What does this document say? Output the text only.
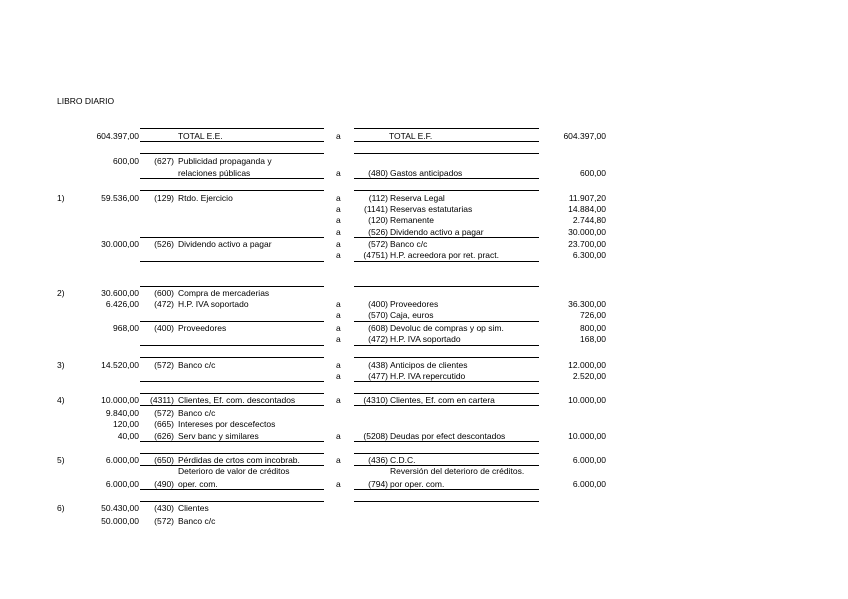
LIBRO DIARIO
604.397,00	TOTAL E.E.	a	TOTAL E.F.	604.397,00
600,00	(627) Publicidad propaganda y
relaciones públicas	a	(480) Gastos anticipados	600,00
1)	59.536,00	(129) Rtdo. Ejercicio	a	(112) Reserva Legal	11.907,20
a	(1141) Reservas estatutarias	14.884,00
a	(120) Remanente	2.744,80
a	(526) Dividendo activo a pagar	30.000,00
30.000,00	(526) Dividendo activo a pagar	a	(572) Banco c/c	23.700,00
a	(4751) H.P. acreedora por ret. pract.	6.300,00
2)	30.600,00	(600) Compra de mercaderias
6.426,00	(472) H.P. IVA soportado	a	(400) Proveedores	36.300,00
a	(570) Caja, euros	726,00
968,00	(400) Proveedores	a	(608) Devoluc de compras y op sim.	800,00
a	(472) H.P. IVA soportado	168,00
3)	14.520,00	(572) Banco c/c	a	(438) Anticipos de clientes	12.000,00
a	(477) H.P. IVA repercutido	2.520,00
4)	10.000,00	(4311) Clientes, Ef. com. descontados	a	(4310) Clientes, Ef. com en cartera	10.000,00
9.840,00	(572) Banco c/c
120,00	(665) Intereses por descefectos
40,00	(626) Serv banc y similares	a	(5208) Deudas por efect descontados	10.000,00
5)	6.000,00	(650) Pérdidas de crtos com incobrab.	a	(436) C.D.C.	6.000,00
Deterioro de valor de créditos	Reversión del deterioro de créditos.
6.000,00	(490) oper. com.	a	(794) por oper. com.	6.000,00
6)	50.430,00	(430) Clientes
50.000,00	(572) Banco c/c
